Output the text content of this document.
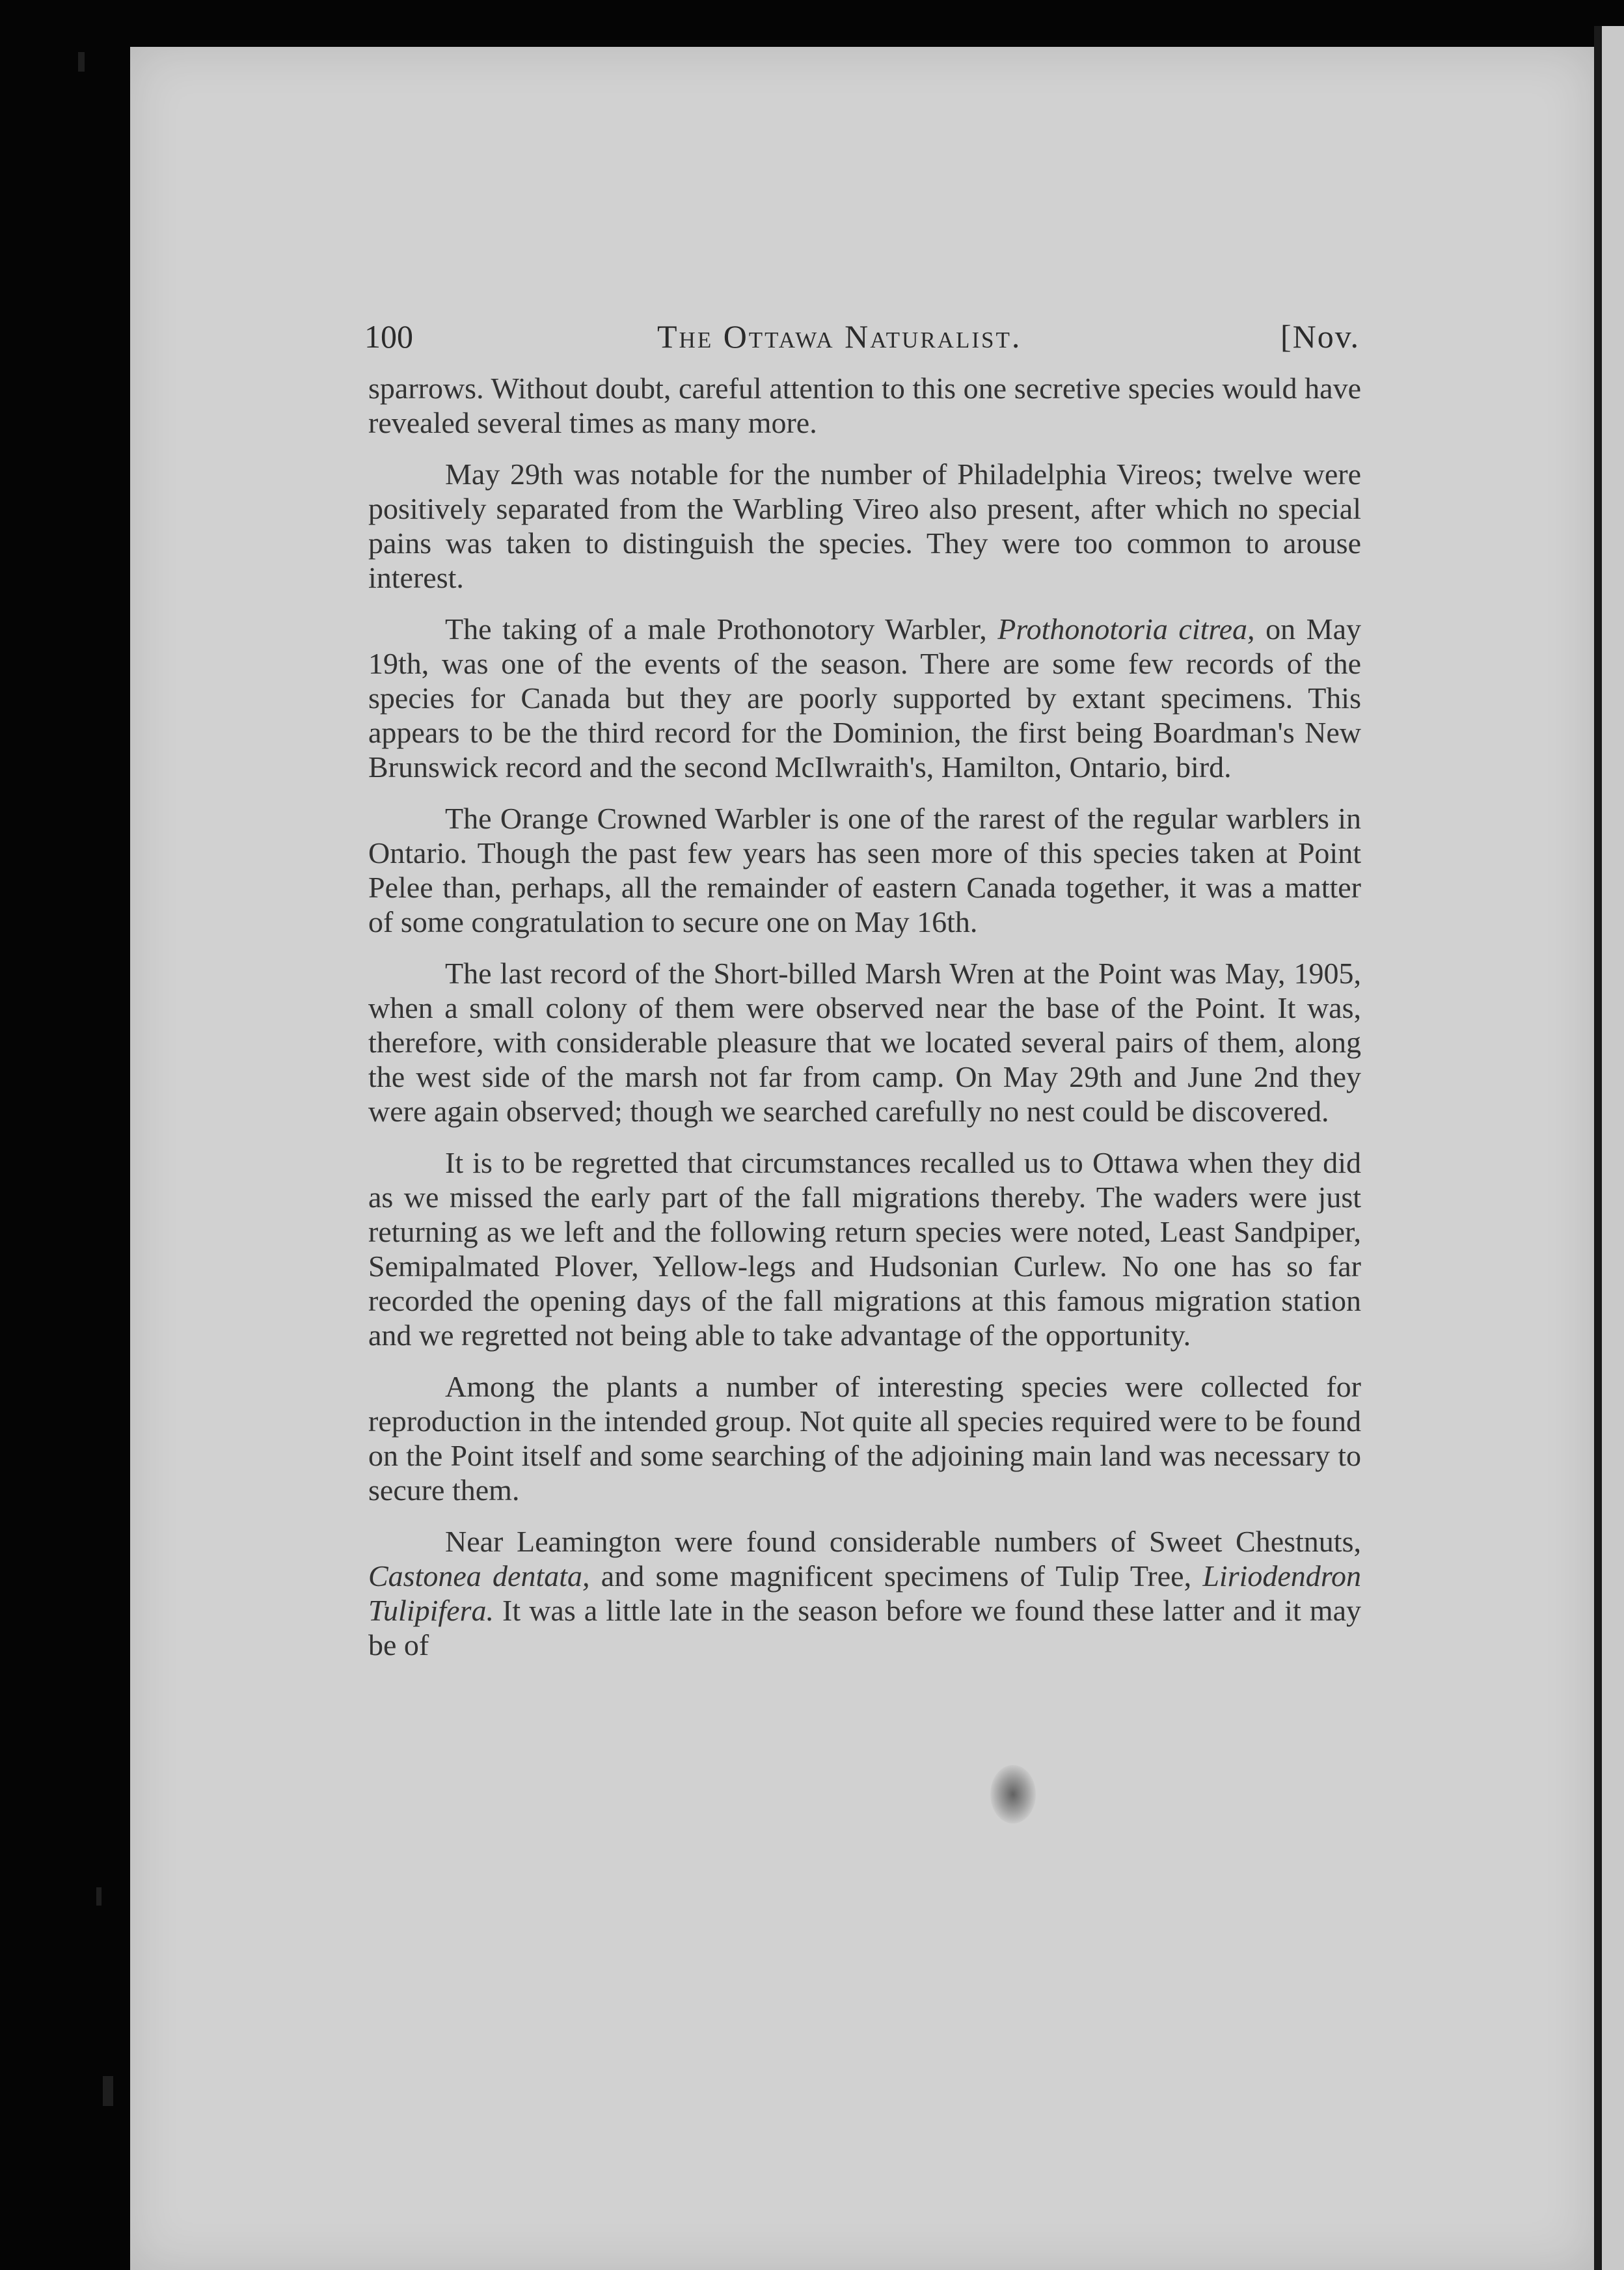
100	The Ottawa Naturalist.	[Nov.

sparrows. Without doubt, careful attention to this one secretive species would have revealed several times as many more.

May 29th was notable for the number of Philadelphia Vireos; twelve were positively separated from the Warbling Vireo also present, after which no special pains was taken to distinguish the species. They were too common to arouse interest.

The taking of a male Prothonotory Warbler, Prothonotoria citrea, on May 19th, was one of the events of the season. There are some few records of the species for Canada but they are poorly supported by extant specimens. This appears to be the third record for the Dominion, the first being Boardman's New Brunswick record and the second McIlwraith's, Hamilton, Ontario, bird.

The Orange Crowned Warbler is one of the rarest of the regular warblers in Ontario. Though the past few years has seen more of this species taken at Point Pelee than, perhaps, all the remainder of eastern Canada together, it was a matter of some congratulation to secure one on May 16th.

The last record of the Short-billed Marsh Wren at the Point was May, 1905, when a small colony of them were observed near the base of the Point. It was, therefore, with considerable pleasure that we located several pairs of them, along the west side of the marsh not far from camp. On May 29th and June 2nd they were again observed; though we searched carefully no nest could be discovered.

It is to be regretted that circumstances recalled us to Ottawa when they did as we missed the early part of the fall migrations thereby. The waders were just returning as we left and the following return species were noted, Least Sandpiper, Semipalmated Plover, Yellow-legs and Hudsonian Curlew. No one has so far recorded the opening days of the fall migrations at this famous migration station and we regretted not being able to take advantage of the opportunity.

Among the plants a number of interesting species were collected for reproduction in the intended group. Not quite all species required were to be found on the Point itself and some searching of the adjoining main land was necessary to secure them.

Near Leamington were found considerable numbers of Sweet Chestnuts, Castonea dentata, and some magnificent specimens of Tulip Tree, Liriodendron Tulipifera. It was a little late in the season before we found these latter and it may be of
